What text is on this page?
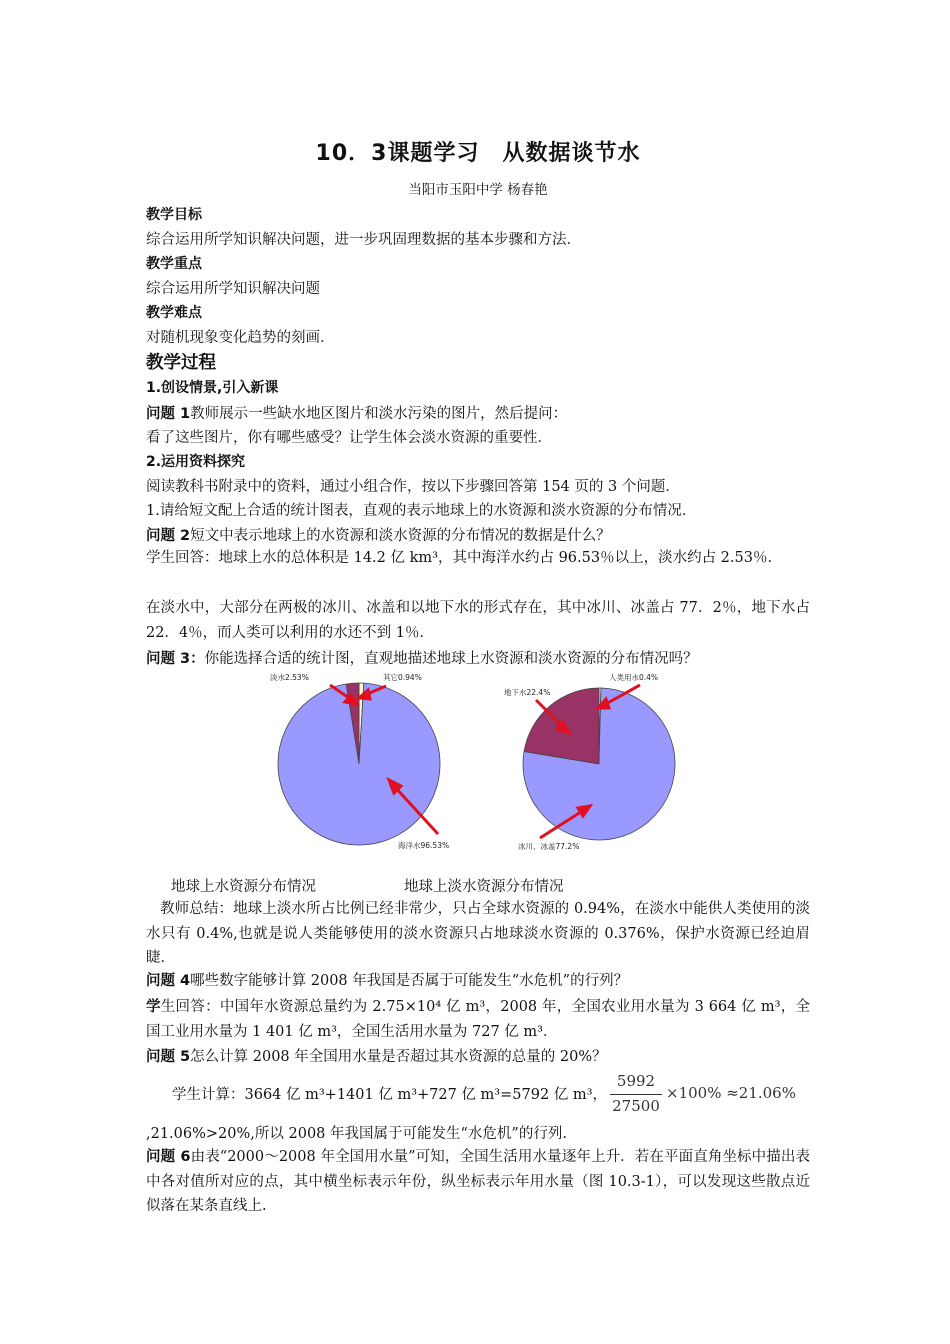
10．3课题学习　从数据谈节水
当阳市玉阳中学 杨春艳
教学目标
综合运用所学知识解决问题，进一步巩固理数据的基本步骤和方法．
教学重点
综合运用所学知识解决问题
教学难点
对随机现象变化趋势的刻画．
教学过程
1.创设情景,引入新课
问题 1教师展示一些缺水地区图片和淡水污染的图片，然后提问：
看了这些图片，你有哪些感受？让学生体会淡水资源的重要性．
2.运用资料探究
阅读教科书附录中的资料，通过小组合作，按以下步骤回答第 154 页的 3 个问题．
1.请给短文配上合适的统计图表，直观的表示地球上的水资源和淡水资源的分布情况．
问题 2短文中表示地球上的水资源和淡水资源的分布情况的数据是什么？
学生回答：地球上水的总体积是 14.2 亿 km³，其中海洋水约占 96.53％以上，淡水约占 2.53％．
在淡水中，大部分在两极的冰川、冰盖和以地下水的形式存在，其中冰川、冰盖占 77．2％，地下水占 22．4％，而人类可以利用的水还不到 1％．
问题 3：你能选择合适的统计图，直观地描述地球上水资源和淡水资源的分布情况吗？
淡水2.53%	其它0.94%
海洋水96.53%
地下水22.4%
人类用水0.4%
冰川、冰盖77.2%
地球上水资源分布情况	地球上淡水资源分布情况
教师总结：地球上淡水所占比例已经非常少，只占全球水资源的 0.94%，在淡水中能供人类使用的淡水只有 0.4%,也就是说人类能够使用的淡水资源只占地球淡水资源的 0.376%，保护水资源已经迫眉睫．
问题 4哪些数字能够计算 2008 年我国是否属于可能发生“水危机”的行列？
学生回答：中国年水资源总量约为 2.75×10⁴ 亿 m³，2008 年，全国农业用水量为 3 664 亿 m³，全国工业用水量为 1 401 亿 m³，全国生活用水量为 727 亿 m³．
问题 5怎么计算 2008 年全国用水量是否超过其水资源的总量的 20%？
学生计算：3664 亿 m³+1401 亿 m³+727 亿 m³=5792 亿 m³，
5992
27500
×100% ≈21.06%
,21.06%>20%,所以 2008 年我国属于可能发生“水危机”的行列.
问题 6由表“2000～2008 年全国用水量”可知，全国生活用水量逐年上升．若在平面直角坐标中描出表中各对值所对应的点，其中横坐标表示年份，纵坐标表示年用水量（图 10.3-1），可以发现这些散点近似落在某条直线上.
